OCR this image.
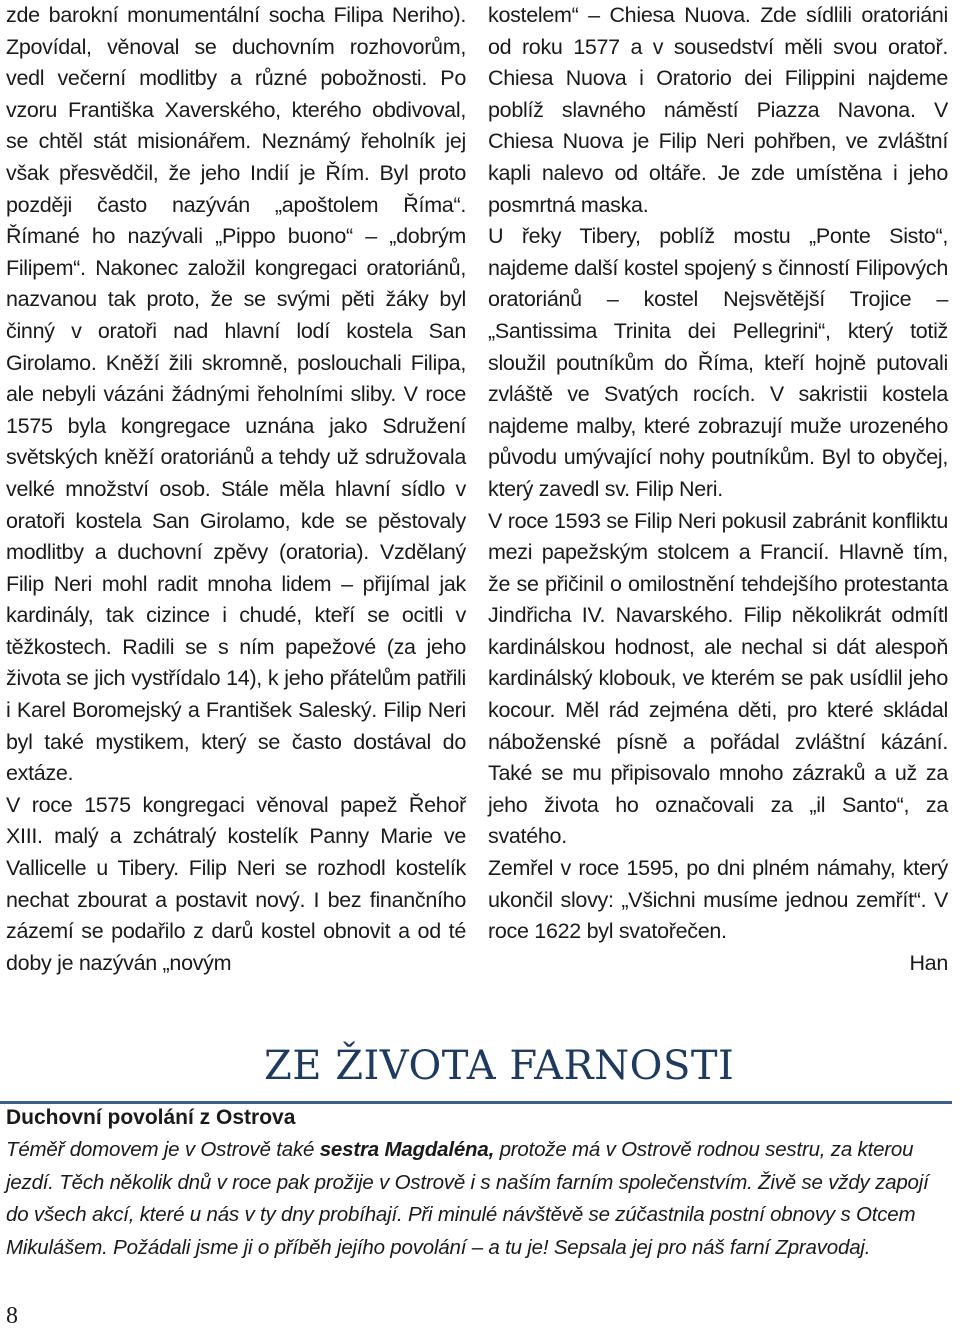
zde barokní monumentální socha Filipa Neriho). Zpovídal, věnoval se duchovním rozhovorům, vedl večerní modlitby a různé pobožnosti. Po vzoru Františka Xaverského, kterého obdivoval, se chtěl stát misionářem. Neznámý řeholník jej však přesvědčil, že jeho Indií je Řím. Byl proto později často nazýván „apoštolem Říma“. Římané ho nazývali „Pippo buono“ – „dobrým Filipem“. Nakonec založil kongregaci oratoriánů, nazvanou tak proto, že se svými pěti žáky byl činný v oratoři nad hlavní lodí kostela San Girolamo. Kněží žili skromně, poslouchali Filipa, ale nebyli vázáni žádnými řeholními sliby. V roce 1575 byla kongregace uznána jako Sdružení světských kněží oratoriánů a tehdy už sdružovala velké množství osob. Stále měla hlavní sídlo v oratoři kostela San Girolamo, kde se pěstovaly modlitby a duchovní zpěvy (oratoria). Vzdělaný Filip Neri mohl radit mnoha lidem – přijímal jak kardinály, tak cizince i chudé, kteří se ocitli v těžkostech. Radili se s ním papežové (za jeho života se jich vystřídalo 14), k jeho přátelům patřili i Karel Boromejský a František Saleský. Filip Neri byl také mystikem, který se často dostával do extáze.

V roce 1575 kongregaci věnoval papež Řehoř XIII. malý a zchátralý kostelík Panny Marie ve Vallicelle u Tibery. Filip Neri se rozhodl kostelík nechat zbourat a postavit nový. I bez finančního zázemí se podařilo z darů kostel obnovit a od té doby je nazýván „novým

kostelem“ – Chiesa Nuova. Zde sídlili oratoriáni od roku 1577 a v sousedství měli svou oratoř. Chiesa Nuova i Oratorio dei Filippini najdeme poblíž slavného náměstí Piazza Navona. V Chiesa Nuova je Filip Neri pohřben, ve zvláštní kapli nalevo od oltáře. Je zde umístěna i jeho posmrtná maska.

U řeky Tibery, poblíž mostu „Ponte Sisto“, najdeme další kostel spojený s činností Filipových oratoriánů – kostel Nejsvětější Trojice – „Santissima Trinita dei Pellegrini“, který totiž sloužil poutníkům do Říma, kteří hojně putovali zvláště ve Svatých rocích. V sakristii kostela najdeme malby, které zobrazují muže urozeného původu umývající nohy poutníkům. Byl to obyčej, který zavedl sv. Filip Neri.

V roce 1593 se Filip Neri pokusil zabránit konfliktu mezi papežským stolcem a Francií. Hlavně tím, že se přičinil o omilostnění tehdejšího protestanta Jindřicha IV. Navarského. Filip několikrát odmítl kardinálskou hodnost, ale nechal si dát alespoň kardinálský klobouk, ve kterém se pak usídlil jeho kocour. Měl rád zejména děti, pro které skládal náboženské písně a pořádal zvláštní kázání. Také se mu připisovalo mnoho zázraků a už za jeho života ho označovali za „il Santo“, za svatého.

Zemřel v roce 1595, po dni plném námahy, který ukončil slovy: „Všichni musíme jednou zemřít“. V roce 1622 byl svatořečen.

Han

ZE ŽIVOTA FARNOSTI
Duchovní povolání z Ostrova

Téměř domovem je v Ostrově také sestra Magdaléna, protože má v Ostrově rodnou sestru, za kterou jezdí. Těch několik dnů v roce pak prožije v Ostrově i s naším farním společenstvím. Živě se vždy zapojí do všech akcí, které u nás v ty dny probíhají. Při minulé návštěvě se zúčastnila postní obnovy s Otcem Mikulášem. Požádali jsme ji o příběh jejího povolání – a tu je! Sepsala jej pro náš farní Zpravodaj.

8
